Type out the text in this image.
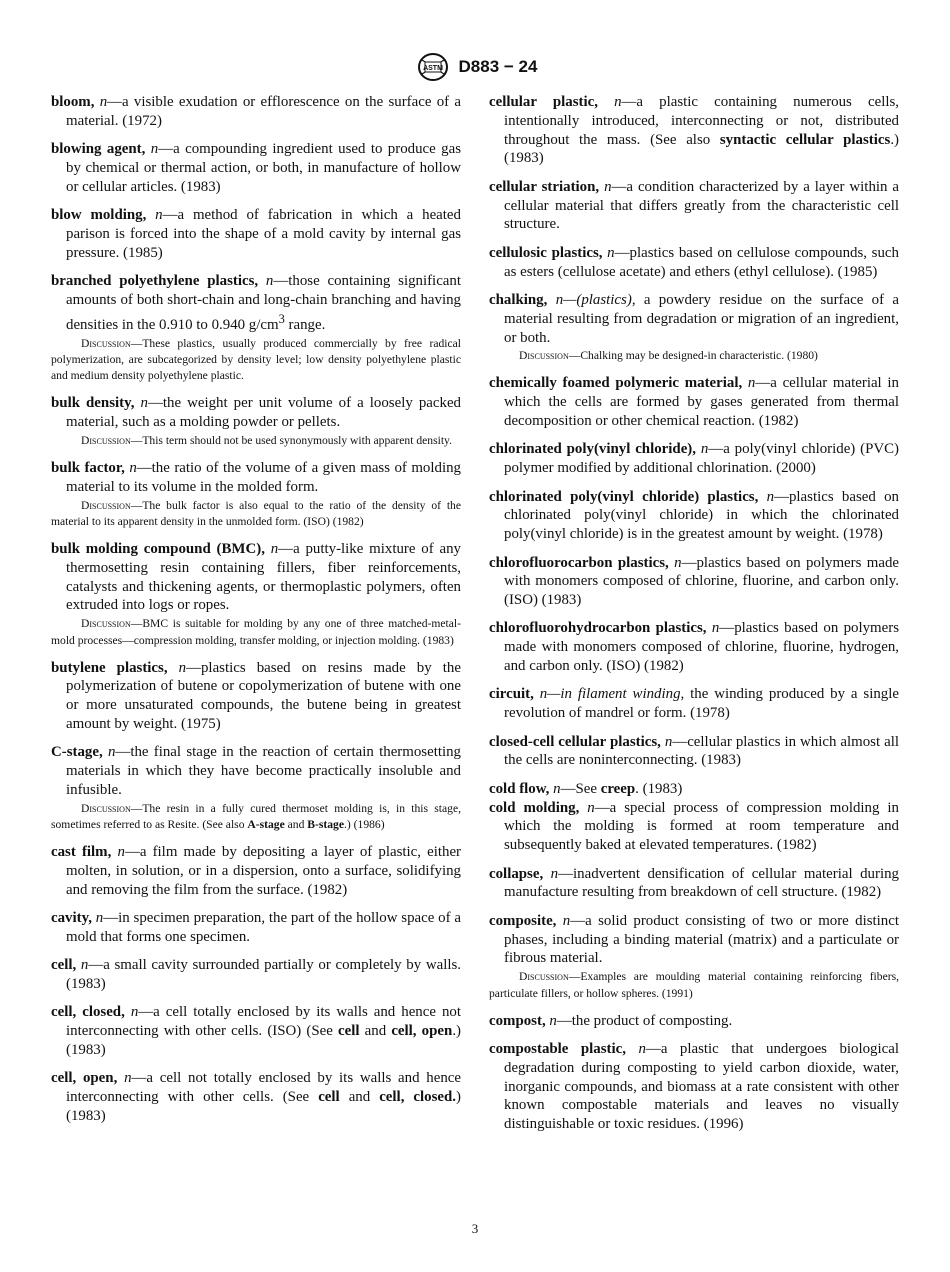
ASTM D883 − 24

bloom, n—a visible exudation or efflorescence on the surface of a material. (1972)

blowing agent, n—a compounding ingredient used to produce gas by chemical or thermal action, or both, in manufacture of hollow or cellular articles. (1983)

blow molding, n—a method of fabrication in which a heated parison is forced into the shape of a mold cavity by internal gas pressure. (1985)

branched polyethylene plastics, n—those containing significant amounts of both short-chain and long-chain branching and having densities in the 0.910 to 0.940 $g/cm^3$ range.

Discussion—These plastics, usually produced commercially by free radical polymerization, are subcategorized by density level; low density polyethylene plastic and medium density polyethylene plastic.

bulk density, n—the weight per unit volume of a loosely packed material, such as a molding powder or pellets.

Discussion—This term should not be used synonymously with apparent density.

bulk factor, n—the ratio of the volume of a given mass of molding material to its volume in the molded form.

Discussion—The bulk factor is also equal to the ratio of the density of the material to its apparent density in the unmolded form. (ISO) (1982)

bulk molding compound (BMC), n—a putty-like mixture of any thermosetting resin containing fillers, fiber reinforcements, catalysts and thickening agents, or thermoplastic polymers, often extruded into logs or ropes.

Discussion—BMC is suitable for molding by any one of three matched-metal-mold processes—compression molding, transfer molding, or injection molding. (1983)

butylene plastics, n—plastics based on resins made by the polymerization of butene or copolymerization of butene with one or more unsaturated compounds, the butene being in greatest amount by weight. (1975)

C-stage, n—the final stage in the reaction of certain thermosetting materials in which they have become practically insoluble and infusible.

Discussion—The resin in a fully cured thermoset molding is, in this stage, sometimes referred to as Resite. (See also A-stage and B-stage.) (1986)

cast film, n—a film made by depositing a layer of plastic, either molten, in solution, or in a dispersion, onto a surface, solidifying and removing the film from the surface. (1982)

cavity, n—in specimen preparation, the part of the hollow space of a mold that forms one specimen.

cell, n—a small cavity surrounded partially or completely by walls. (1983)

cell, closed, n—a cell totally enclosed by its walls and hence not interconnecting with other cells. (ISO) (See cell and cell, open.) (1983)

cell, open, n—a cell not totally enclosed by its walls and hence interconnecting with other cells. (See cell and cell, closed.) (1983)

cellular plastic, n—a plastic containing numerous cells, intentionally introduced, interconnecting or not, distributed throughout the mass. (See also syntactic cellular plastics.) (1983)

cellular striation, n—a condition characterized by a layer within a cellular material that differs greatly from the characteristic cell structure.

cellulosic plastics, n—plastics based on cellulose compounds, such as esters (cellulose acetate) and ethers (ethyl cellulose). (1985)

chalking, n—(plastics), a powdery residue on the surface of a material resulting from degradation or migration of an ingredient, or both.

Discussion—Chalking may be designed-in characteristic. (1980)

chemically foamed polymeric material, n—a cellular material in which the cells are formed by gases generated from thermal decomposition or other chemical reaction. (1982)

chlorinated poly(vinyl chloride), n—a poly(vinyl chloride) (PVC) polymer modified by additional chlorination. (2000)

chlorinated poly(vinyl chloride) plastics, n—plastics based on chlorinated poly(vinyl chloride) in which the chlorinated poly(vinyl chloride) is in the greatest amount by weight. (1978)

chlorofluorocarbon plastics, n—plastics based on polymers made with monomers composed of chlorine, fluorine, and carbon only. (ISO) (1983)

chlorofluorohydrocarbon plastics, n—plastics based on polymers made with monomers composed of chlorine, fluorine, hydrogen, and carbon only. (ISO) (1982)

circuit, n—in filament winding, the winding produced by a single revolution of mandrel or form. (1978)

closed-cell cellular plastics, n—cellular plastics in which almost all the cells are noninterconnecting. (1983)

cold flow, n—See creep. (1983)

cold molding, n—a special process of compression molding in which the molding is formed at room temperature and subsequently baked at elevated temperatures. (1982)

collapse, n—inadvertent densification of cellular material during manufacture resulting from breakdown of cell structure. (1982)

composite, n—a solid product consisting of two or more distinct phases, including a binding material (matrix) and a particulate or fibrous material.

Discussion—Examples are moulding material containing reinforcing fibers, particulate fillers, or hollow spheres. (1991)

compost, n—the product of composting.

compostable plastic, n—a plastic that undergoes biological degradation during composting to yield carbon dioxide, water, inorganic compounds, and biomass at a rate consistent with other known compostable materials and leaves no visually distinguishable or toxic residues. (1996)

3
